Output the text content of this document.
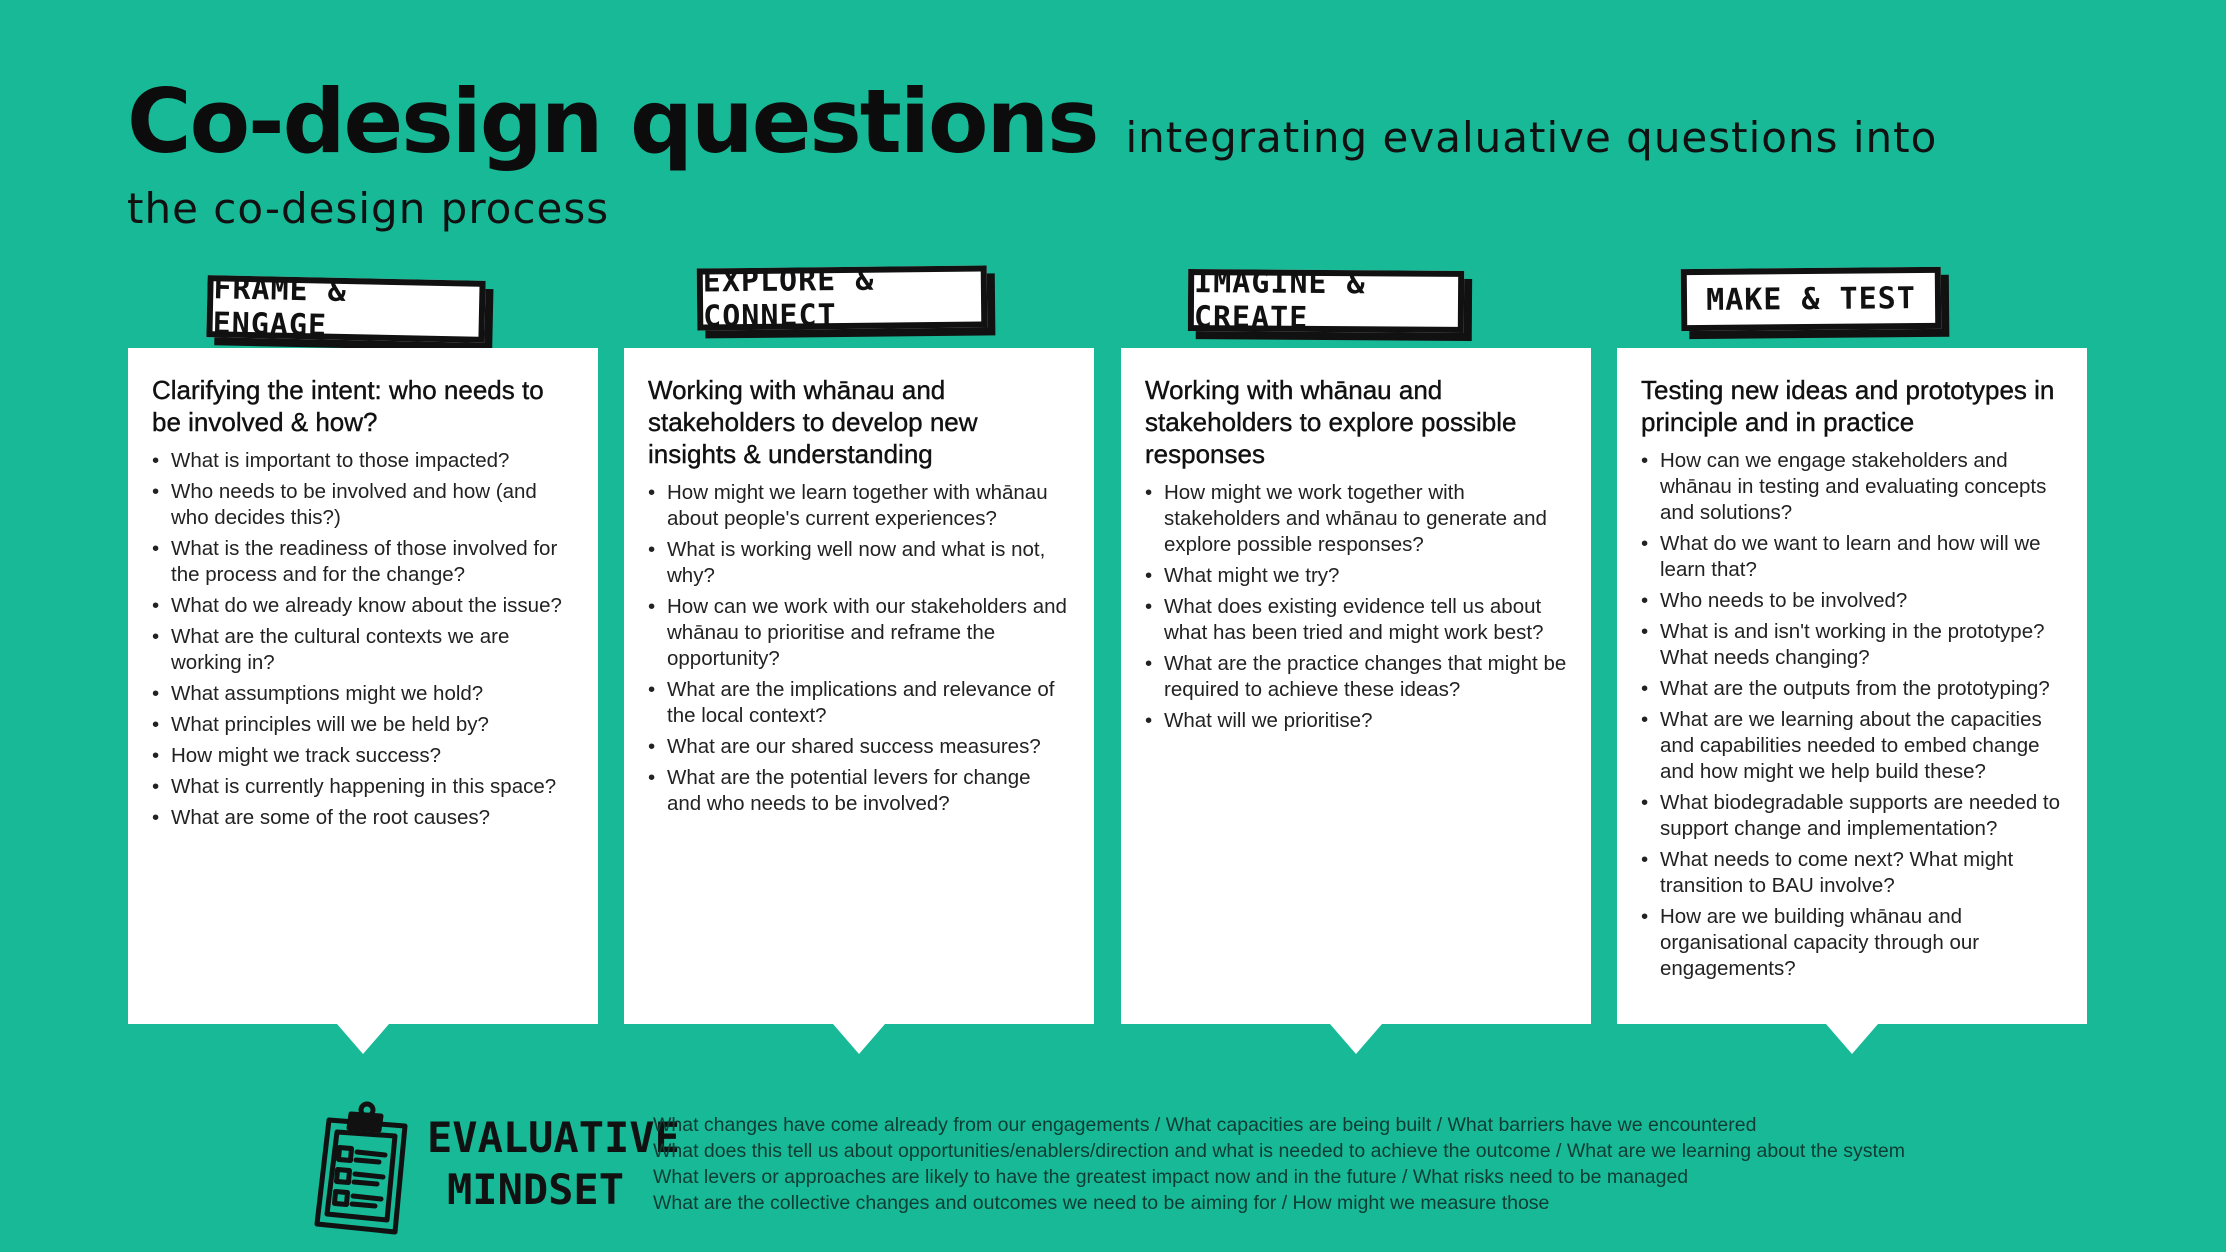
Co-design questions integrating evaluative questions into
the co-design process
FRAME & ENGAGE
EXPLORE & CONNECT
IMAGINE & CREATE
MAKE & TEST
Clarifying the intent: who needs to be involved & how?
• What is important to those impacted?
• Who needs to be involved and how (and who decides this?)
• What is the readiness of those involved for the process and for the change?
• What do we already know about the issue?
• What are the cultural contexts we are working in?
• What assumptions might we hold?
• What principles will we be held by?
• How might we track success?
• What is currently happening in this space?
• What are some of the root causes?
Working with whānau and stakeholders to develop new insights & understanding
• How might we learn together with whānau about people's current experiences?
• What is working well now and what is not, why?
• How can we work with our stakeholders and whānau to prioritise and reframe the opportunity?
• What are the implications and relevance of the local context?
• What are our shared success measures?
• What are the potential levers for change and who needs to be involved?
Working with whānau and stakeholders to explore possible responses
• How might we work together with stakeholders and whānau to generate and explore possible responses?
• What might we try?
• What does existing evidence tell us about what has been tried and might work best?
• What are the practice changes that might be required to achieve these ideas?
• What will we prioritise?
Testing new ideas and prototypes in principle and in practice
• How can we engage stakeholders and whānau in testing and evaluating concepts and solutions?
• What do we want to learn and how will we learn that?
• Who needs to be involved?
• What is and isn't working in the prototype? What needs changing?
• What are the outputs from the prototyping?
• What are we learning about the capacities and capabilities needed to embed change and how might we help build these?
• What biodegradable supports are needed to support change and implementation?
• What needs to come next? What might transition to BAU involve?
• How are we building whānau and organisational capacity through our engagements?
EVALUATIVE
MINDSET
What changes have come already from our engagements / What capacities are being built / What barriers have we encountered
What does this tell us about opportunities/enablers/direction and what is needed to achieve the outcome / What are we learning about the system
What levers or approaches are likely to have the greatest impact now and in the future / What risks need to be managed
What are the collective changes and outcomes we need to be aiming for / How might we measure those
